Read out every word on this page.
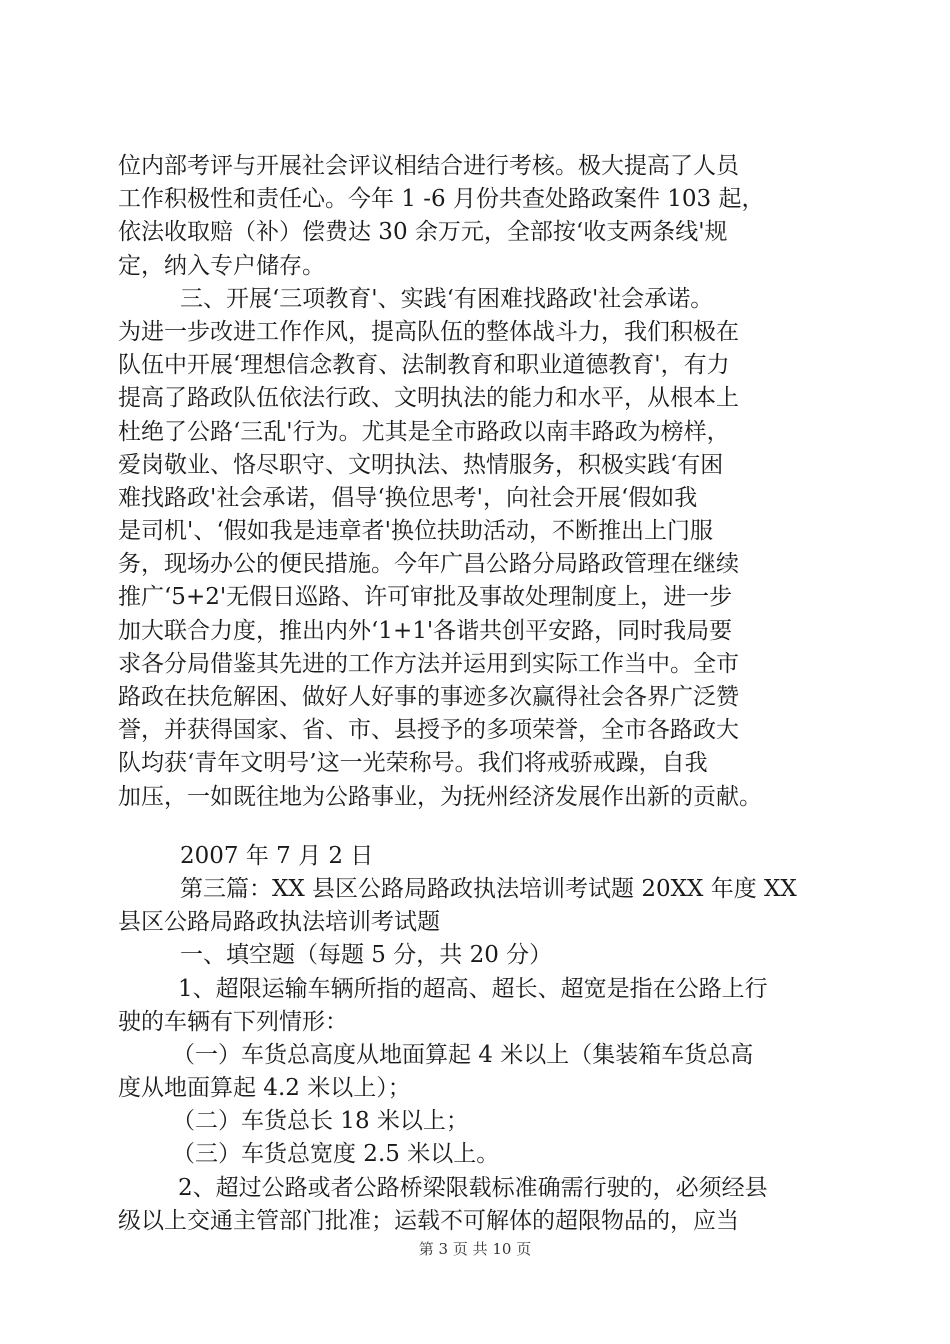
位内部考评与开展社会评议相结合进行考核。极大提高了人员
工作积极性和责任心。今年 1 -6 月份共查处路政案件 103 起，
依法收取赔（补）偿费达 30 余万元，全部按‘收支两条线'规
定，纳入专户储存。
三、开展‘三项教育'、实践‘有困难找路政'社会承诺。
为进一步改进工作作风，提高队伍的整体战斗力，我们积极在
队伍中开展‘理想信念教育、法制教育和职业道德教育'，有力
提高了路政队伍依法行政、文明执法的能力和水平，从根本上
杜绝了公路‘三乱'行为。尤其是全市路政以南丰路政为榜样，
爱岗敬业、恪尽职守、文明执法、热情服务，积极实践‘有困
难找路政'社会承诺，倡导‘换位思考'，向社会开展‘假如我
是司机'、‘假如我是违章者'换位扶助活动，不断推出上门服
务，现场办公的便民措施。今年广昌公路分局路政管理在继续
推广‘5+2'无假日巡路、许可审批及事故处理制度上，进一步
加大联合力度，推出内外‘1+1'各谐共创平安路，同时我局要
求各分局借鉴其先进的工作方法并运用到实际工作当中。全市
路政在扶危解困、做好人好事的事迹多次赢得社会各界广泛赞
誉，并获得国家、省、市、县授予的多项荣誉，全市各路政大
队均获‘青年文明号’这一光荣称号。我们将戒骄戒躁，自我
加压，一如既往地为公路事业，为抚州经济发展作出新的贡献。
2007 年 7 月 2 日
第三篇：XX 县区公路局路政执法培训考试题 20XX 年度 XX
县区公路局路政执法培训考试题
一、填空题（每题 5 分，共 20 分）
1、超限运输车辆所指的超高、超长、超宽是指在公路上行
驶的车辆有下列情形：
（一）车货总高度从地面算起 4 米以上（集装箱车货总高
度从地面算起 4.2 米以上）；
（二）车货总长 18 米以上；
（三）车货总宽度 2.5 米以上。
2、超过公路或者公路桥梁限载标准确需行驶的，必须经县
级以上交通主管部门批准；运载不可解体的超限物品的，应当
第 3 页 共 10 页
